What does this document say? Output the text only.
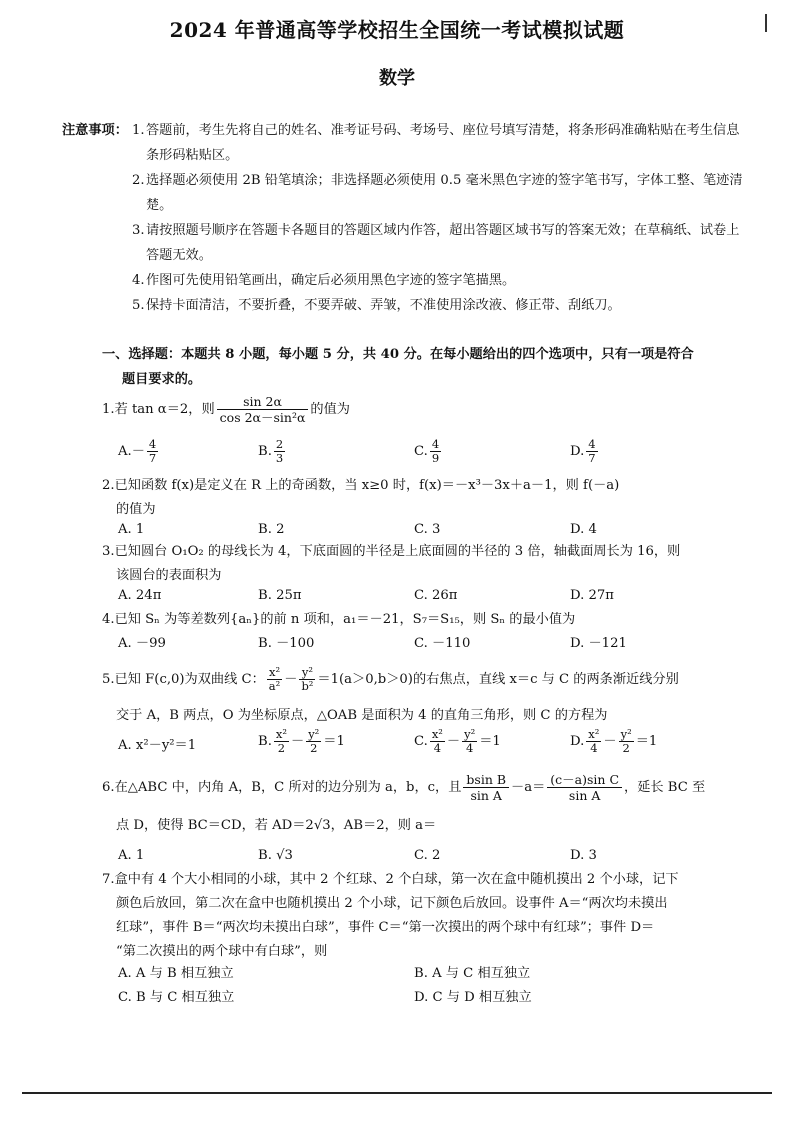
2024 年普通高等学校招生全国统一考试模拟试题
数学
注意事项： 1. 答题前，考生先将自己的姓名、准考证号码、考场号、座位号填写清楚，将条形码准确粘贴在考生信息条形码粘贴区。
2. 选择题必须使用 2B 铅笔填涂；非选择题必须使用 0.5 毫米黑色字迹的签字笔书写，字体工整、笔迹清楚。
3. 请按照题号顺序在答题卡各题目的答题区域内作答，超出答题区域书写的答案无效；在草稿纸、试卷上答题无效。
4. 作图可先使用铅笔画出，确定后必须用黑色字迹的签字笔描黑。
5. 保持卡面清洁，不要折叠，不要弄破、弄皱，不准使用涂改液、修正带、刮纸刀。
一、选择题：本题共 8 小题，每小题 5 分，共 40 分。在每小题给出的四个选项中，只有一项是符合
题目要求的。
1.若 tan α＝2，则 $\frac{\sin 2\alpha}{\text{cos 2α－sin²α}}$ 的值为
$A.- \frac{4}{7}$	B. $\frac{2}{3}$	C. $\frac{4}{9}$	D. $\frac{4}{7}$
2.已知函数 f(x)是定义在 R 上的奇函数，当 x≥0 时，f(x)＝－x³－3x＋a－1，则 f(－a)
的值为
A. 1	B. 2	C. 3	D. 4
3.已知圆台 O₁O₂ 的母线长为 4，下底面圆的半径是上底面圆的半径的 3 倍，轴截面周长为 16，则
该圆台的表面积为
A. 24π	B. 25π	C. 26π	D. 27π
4.已知 Sₙ 为等差数列{aₙ}的前 n 项和，a₁＝－21，S₇＝S₁₅，则 Sₙ 的最小值为
A. －99	B. －100	C. －110	D. －121
5.已知 F(c,0)为双曲线 C： $\frac{\text{x²}}{\text{a²}} - \frac{\text{y²}}{\text{b²}} =1(a>0,b>0)$的右焦点，直线 x＝c 与 C 的两条渐近线分别
交于 A，B 两点，O 为坐标原点，△OAB 是面积为 4 的直角三角形，则 C 的方程为
A. x²－y²＝1	B. $\frac{\text{x²}}{2} - \frac{\text{y²}}{2} =1$	C. $\frac{\text{x²}}{4} - \frac{\text{y²}}{4} =1$	D. $\frac{\text{x²}}{4} - \frac{\text{y²}}{2} =1$
6.在△ABC 中，内角 A，B，C 所对的边分别为 a，b，c，且 $\frac{\text{bsin B}}{\text{sin A}} -a= \frac{\text{(c－a)sin C}}{\text{sin A}}$ ，延长 BC 至
点 D，使得 BC＝CD，若 AD＝2√3，AB＝2，则 a＝
A. 1	B. √3	C. 2	D. 3
7.盒中有 4 个大小相同的小球，其中 2 个红球、2 个白球，第一次在盒中随机摸出 2 个小球，记下
颜色后放回，第二次在盒中也随机摸出 2 个小球，记下颜色后放回。设事件 A＝“两次均未摸出
红球”，事件 B＝“两次均未摸出白球”，事件 C＝“第一次摸出的两个球中有红球”；事件 D＝
“第二次摸出的两个球中有白球”，则
A. A 与 B 相互独立	B. A 与 C 相互独立
C. B 与 C 相互独立	D. C 与 D 相互独立
